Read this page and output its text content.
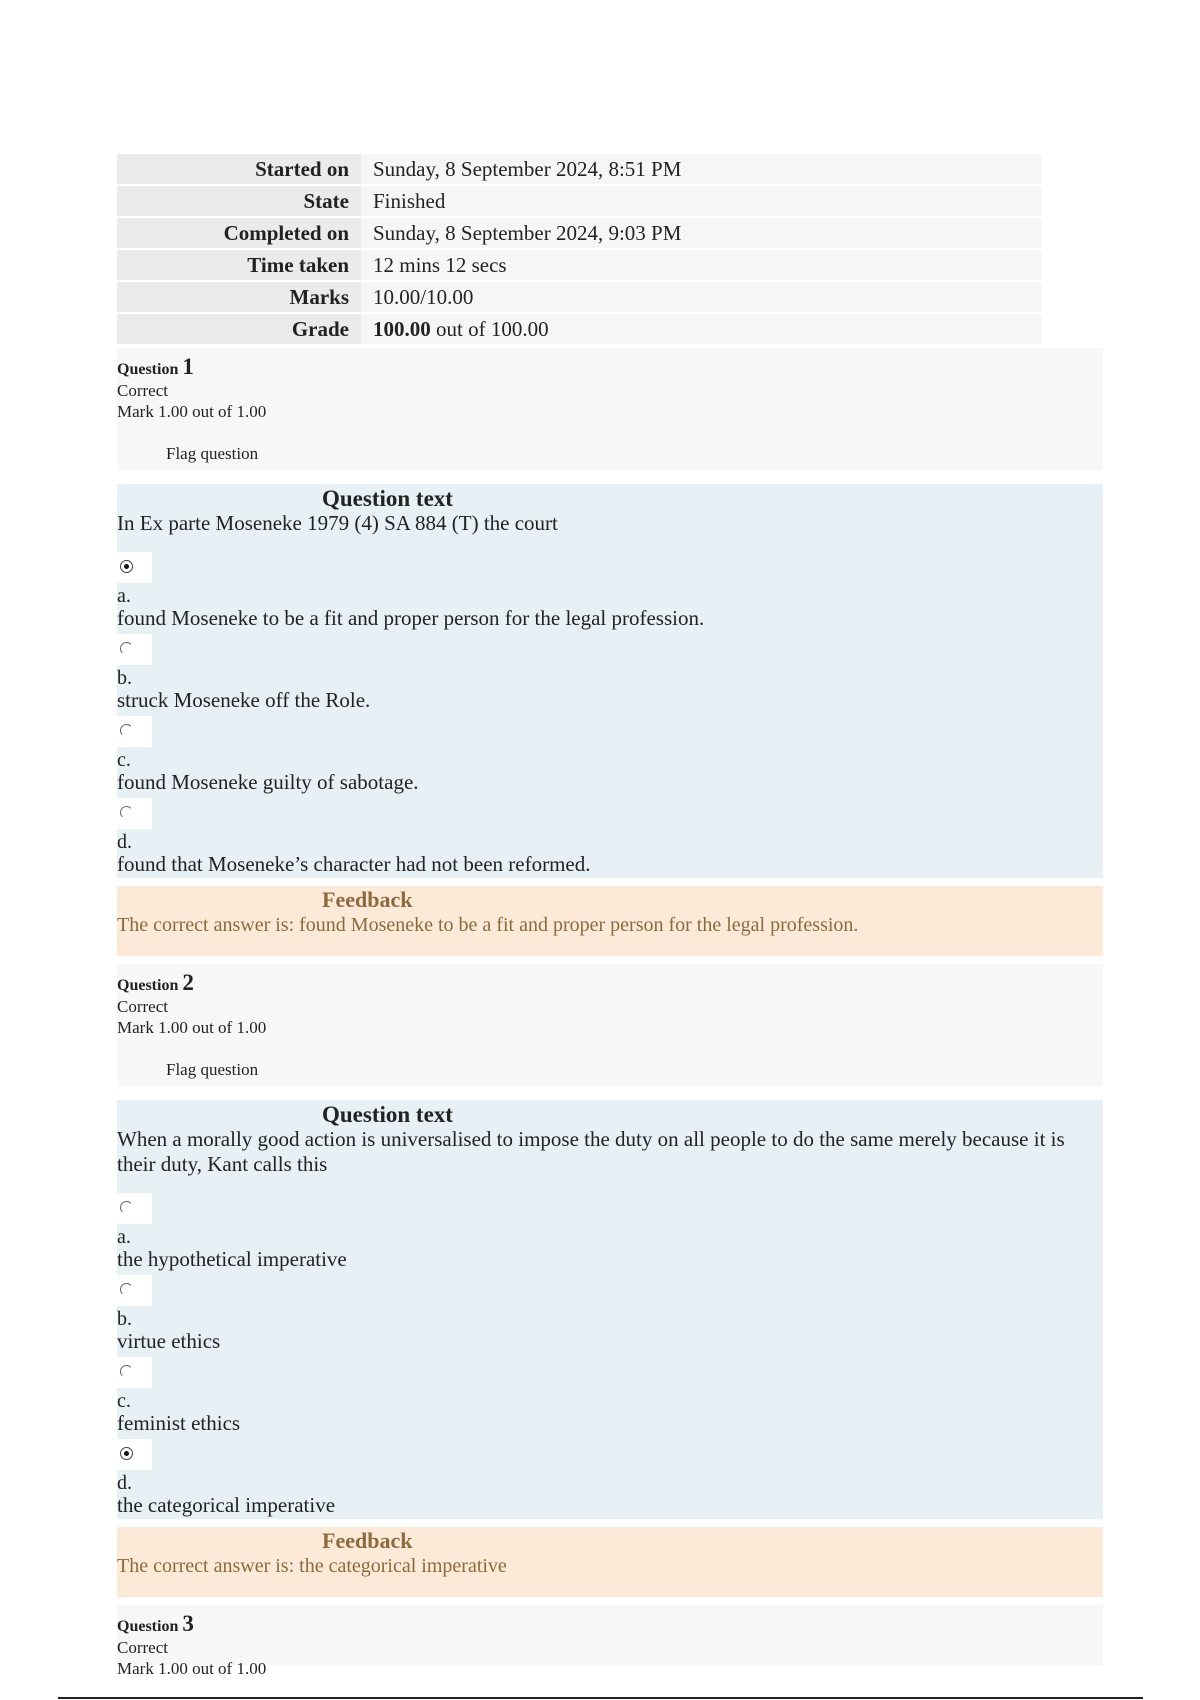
Started on	Sunday, 8 September 2024, 8:51 PM
State	Finished
Completed on	Sunday, 8 September 2024, 9:03 PM
Time taken	12 mins 12 secs
Marks	10.00/10.00
Grade	100.00 out of 100.00
Question 1
Correct
Mark 1.00 out of 1.00
Flag question
Question text
In Ex parte Moseneke 1979 (4) SA 884 (T) the court
a.
found Moseneke to be a fit and proper person for the legal profession.
b.
struck Moseneke off the Role.
c.
found Moseneke guilty of sabotage.
d.
found that Moseneke’s character had not been reformed.
Feedback
The correct answer is: found Moseneke to be a fit and proper person for the legal profession.
Question 2
Correct
Mark 1.00 out of 1.00
Flag question
Question text
When a morally good action is universalised to impose the duty on all people to do the same merely because it is their duty, Kant calls this
a.
the hypothetical imperative
b.
virtue ethics
c.
feminist ethics
d.
the categorical imperative
Feedback
The correct answer is: the categorical imperative
Question 3
Correct
Mark 1.00 out of 1.00
